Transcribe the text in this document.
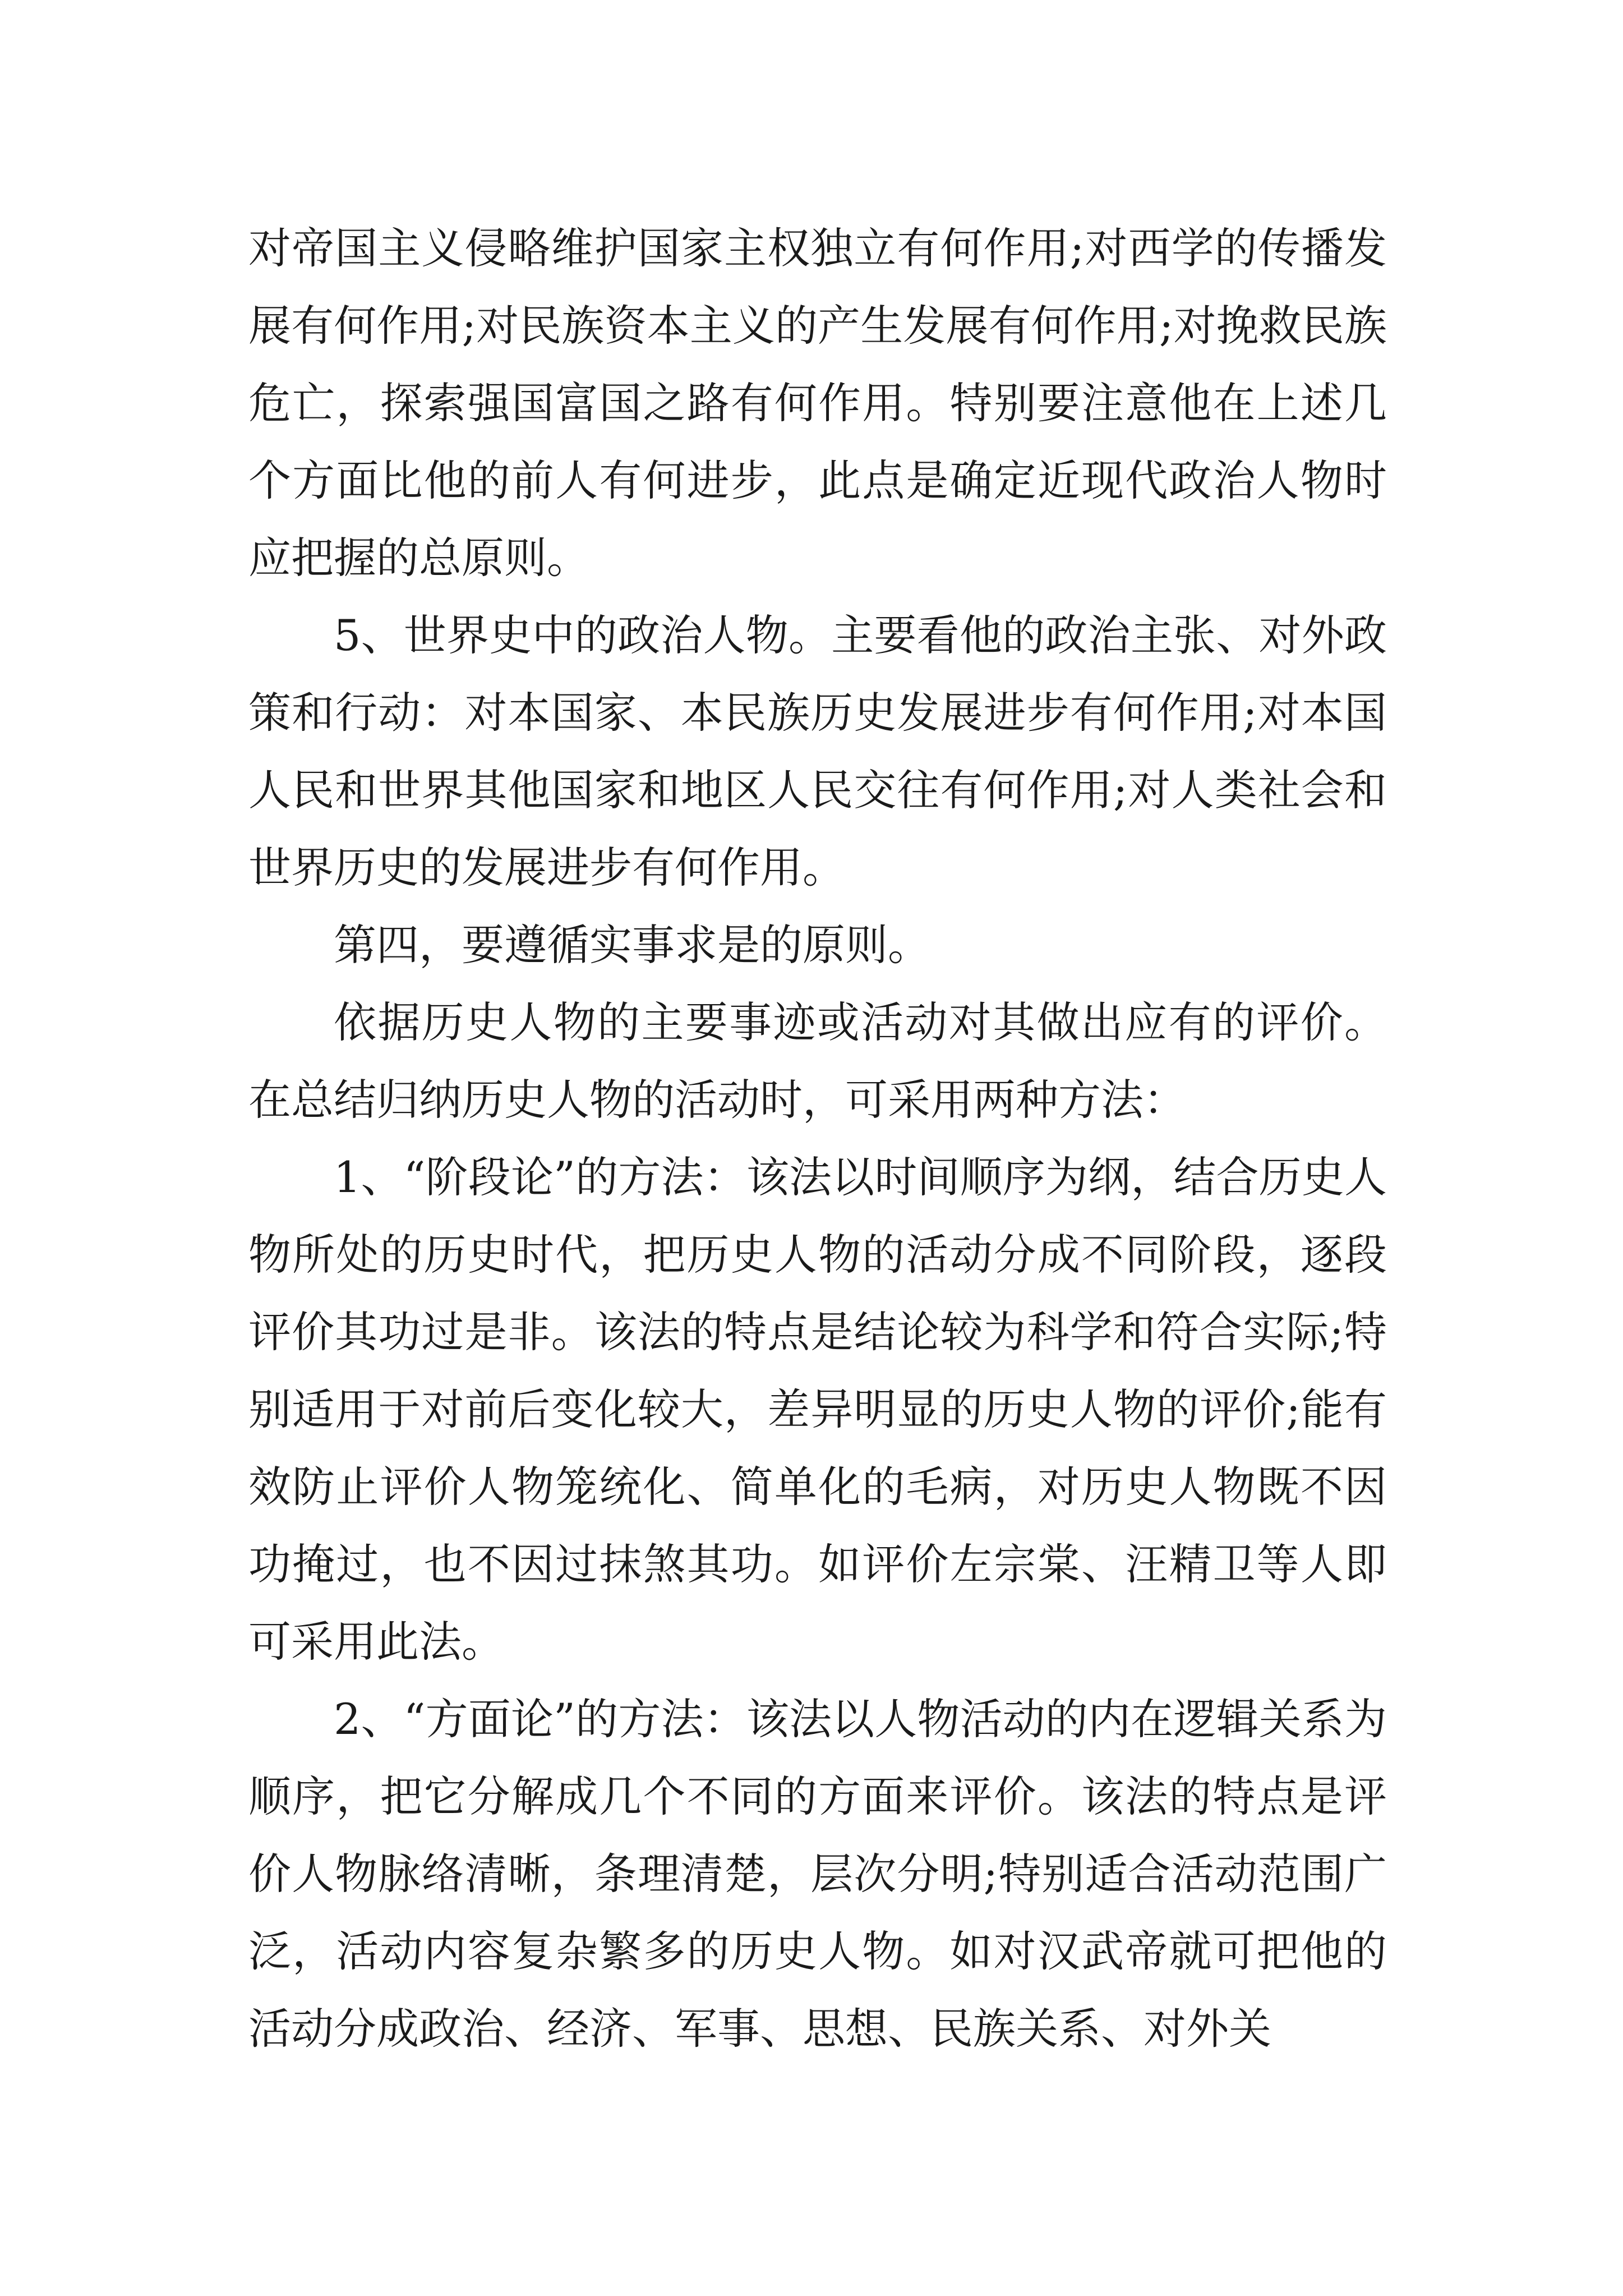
对帝国主义侵略维护国家主权独立有何作用;对西学的传播发展有何作用;对民族资本主义的产生发展有何作用;对挽救民族危亡，探索强国富国之路有何作用。特别要注意他在上述几个方面比他的前人有何进步，此点是确定近现代政治人物时应把握的总原则。

5、世界史中的政治人物。主要看他的政治主张、对外政策和行动：对本国家、本民族历史发展进步有何作用;对本国人民和世界其他国家和地区人民交往有何作用;对人类社会和世界历史的发展进步有何作用。

第四，要遵循实事求是的原则。

依据历史人物的主要事迹或活动对其做出应有的评价。在总结归纳历史人物的活动时，可采用两种方法：

1、“阶段论”的方法：该法以时间顺序为纲，结合历史人物所处的历史时代，把历史人物的活动分成不同阶段，逐段评价其功过是非。该法的特点是结论较为科学和符合实际;特别适用于对前后变化较大，差异明显的历史人物的评价;能有效防止评价人物笼统化、简单化的毛病，对历史人物既不因功掩过，也不因过抹煞其功。如评价左宗棠、汪精卫等人即可采用此法。

2、“方面论”的方法：该法以人物活动的内在逻辑关系为顺序，把它分解成几个不同的方面来评价。该法的特点是评价人物脉络清晰，条理清楚，层次分明;特别适合活动范围广泛，活动内容复杂繁多的历史人物。如对汉武帝就可把他的活动分成政治、经济、军事、思想、民族关系、对外关
